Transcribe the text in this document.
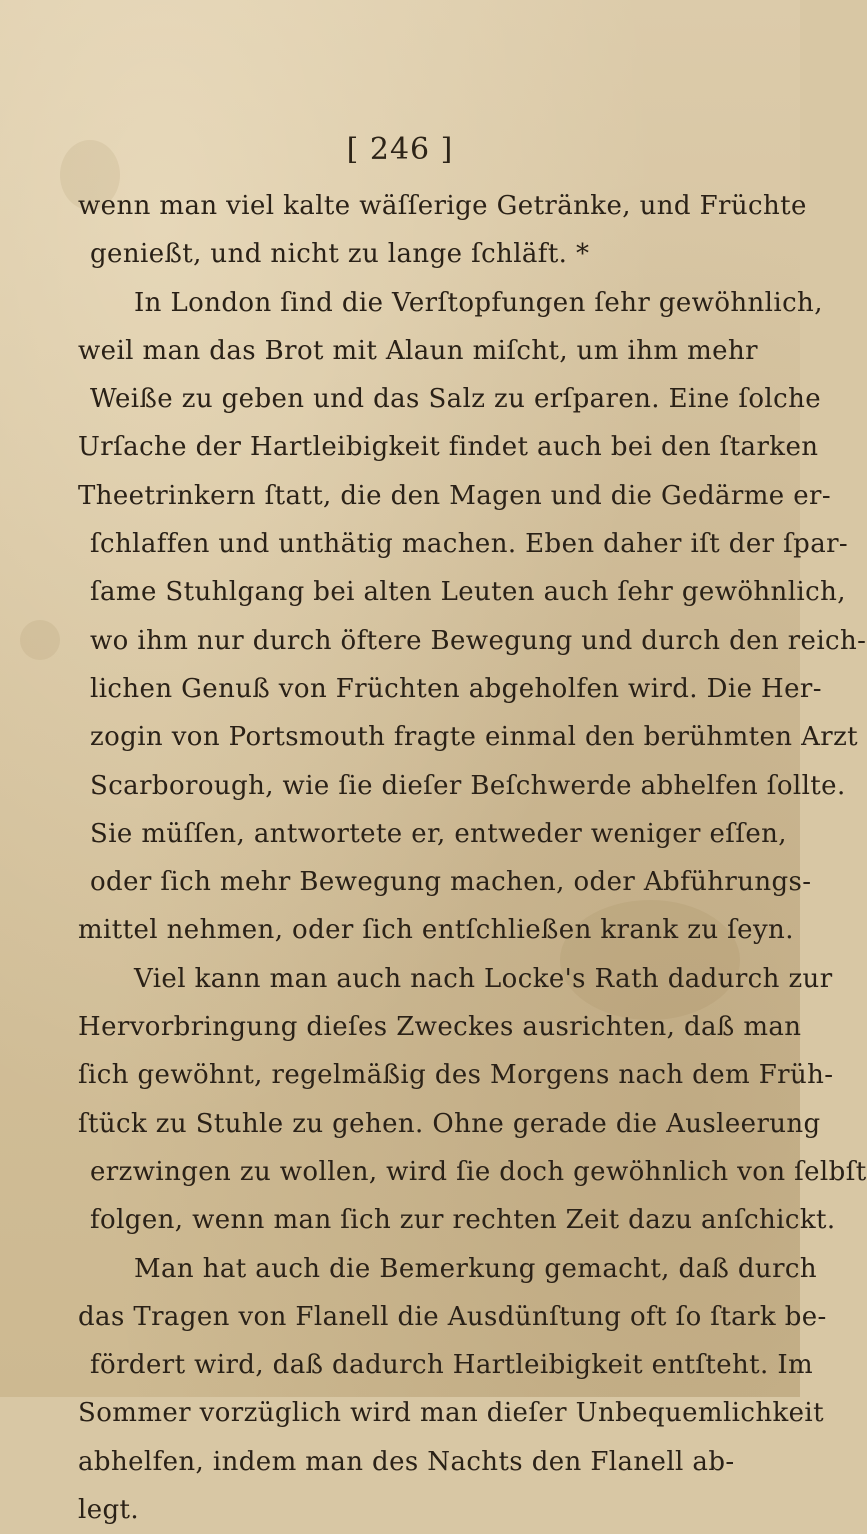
[ 246 ]
wenn man viel kalte wäſſerige Getränke, und Früchte
genießt, und nicht zu lange ſchläft. *
In London ſind die Verſtopfungen ſehr gewöhnlich,
weil man das Brot mit Alaun miſcht, um ihm mehr
Weiße zu geben und das Salz zu erſparen. Eine ſolche
Urſache der Hartleibigkeit findet auch bei den ſtarken
Theetrinkern ſtatt, die den Magen und die Gedärme er-
ſchlaffen und unthätig machen. Eben daher iſt der ſpar-
ſame Stuhlgang bei alten Leuten auch ſehr gewöhnlich,
wo ihm nur durch öftere Bewegung und durch den reich-
lichen Genuß von Früchten abgeholfen wird. Die Her-
zogin von Portsmouth fragte einmal den berühmten Arzt
Scarborough, wie ſie dieſer Beſchwerde abhelfen ſollte.
Sie müſſen, antwortete er, entweder weniger eſſen,
oder ſich mehr Bewegung machen, oder Abführungs-
mittel nehmen, oder ſich entſchließen krank zu ſeyn.
Viel kann man auch nach Locke's Rath dadurch zur
Hervorbringung dieſes Zweckes ausrichten, daß man
ſich gewöhnt, regelmäßig des Morgens nach dem Früh-
ſtück zu Stuhle zu gehen. Ohne gerade die Ausleerung
erzwingen zu wollen, wird ſie doch gewöhnlich von ſelbſt
folgen, wenn man ſich zur rechten Zeit dazu anſchickt.
Man hat auch die Bemerkung gemacht, daß durch
das Tragen von Flanell die Ausdünſtung oft ſo ſtark be-
fördert wird, daß dadurch Hartleibigkeit entſteht. Im
Sommer vorzüglich wird man dieſer Unbequemlichkeit
abhelfen, indem man des Nachts den Flanell ab-
legt.
